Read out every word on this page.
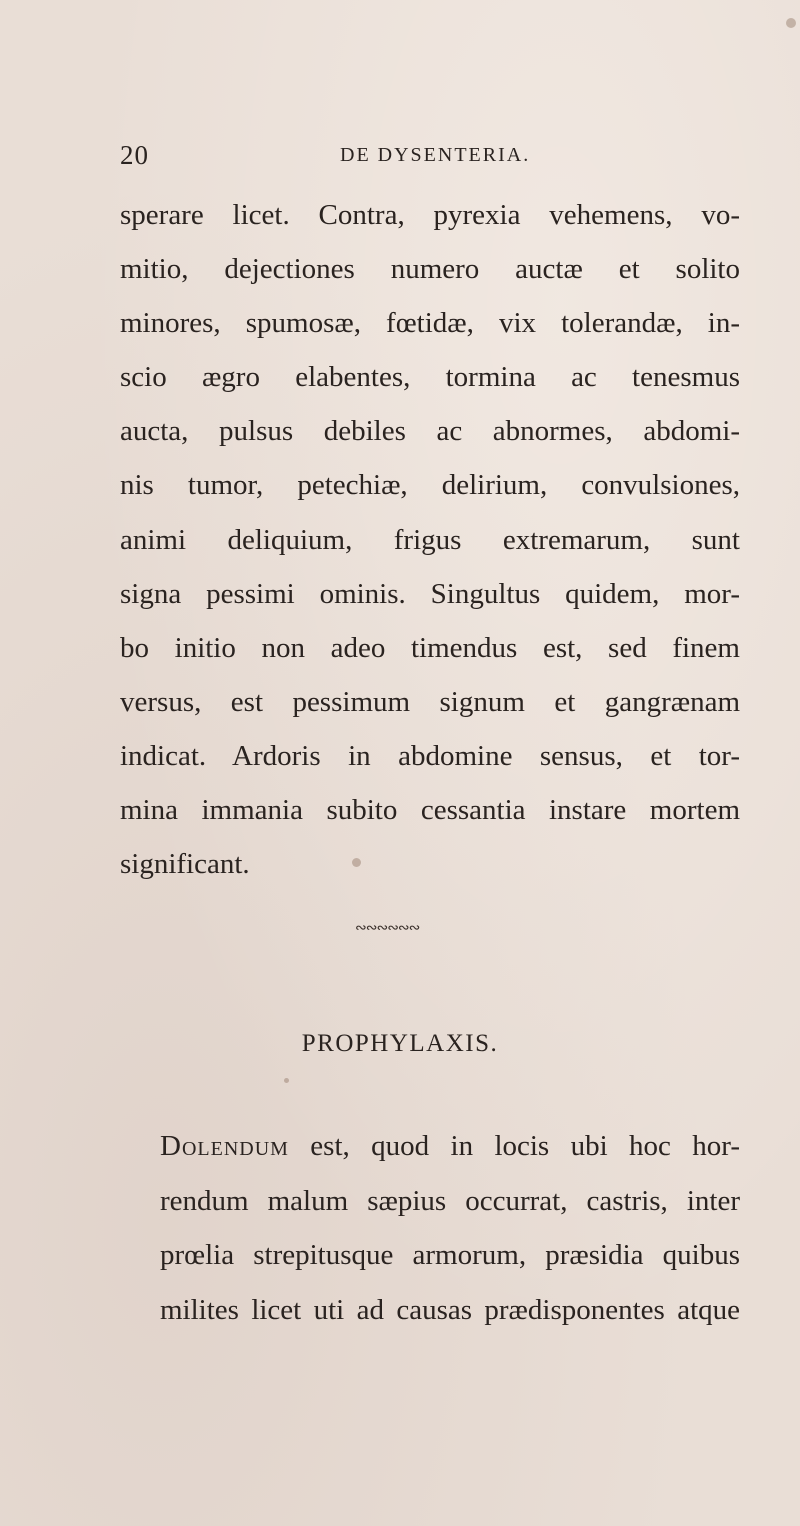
20	DE DYSENTERIA.
sperare licet. Contra, pyrexia vehemens, vo-
mitio, dejectiones numero auctæ et solito
minores, spumosæ, fœtidæ, vix tolerandæ, in-
scio ægro elabentes, tormina ac tenesmus
aucta, pulsus debiles ac abnormes, abdomi-
nis tumor, petechiæ, delirium, convulsiones,
animi deliquium, frigus extremarum, sunt
signa pessimi ominis. Singultus quidem, mor-
bo initio non adeo timendus est, sed finem
versus, est pessimum signum et gangrænam
indicat. Ardoris in abdomine sensus, et tor-
mina immania subito cessantia instare mortem
significant.
∾∾∾∾∾∾
PROPHYLAXIS.
Dolendum est, quod in locis ubi hoc hor-
rendum malum sæpius occurrat, castris, inter
prœlia strepitusque armorum, præsidia quibus
milites licet uti ad causas prædisponentes atque
